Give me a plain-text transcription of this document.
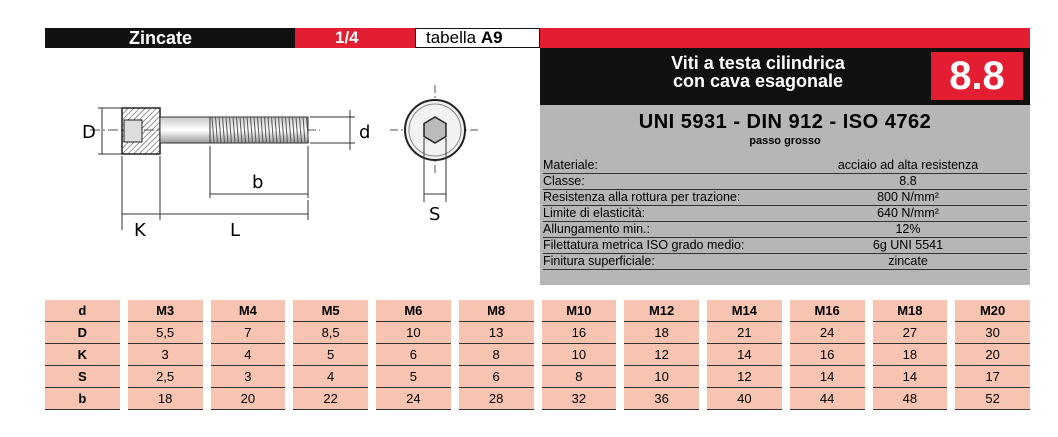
Zincate	1/4	tabella A9
Viti a testa cilindrica
con cava esagonale	8.8
UNI 5931 - DIN 912 - ISO 4762
passo grosso
Materiale:	acciaio ad alta resistenza
Classe:	8.8
Resistenza alla rottura per trazione:	800 N/mm²
Limite di elasticità:	640 N/mm²
Allungamento min.:	12%
Filettatura metrica ISO grado medio:	6g UNI 5541
Finitura superficiale:	zincate
D	d
b
K	L
S
d		M3		M4		M5		M6		M8		M10		M12		M14		M16		M18		M20
D		5,5		7		8,5		10		13		16		18		21		24		27		30
K		3		4		5		6		8		10		12		14		16		18		20
S		2,5		3		4		5		6		8		10		12		14		14		17
b		18		20		22		24		28		32		36		40		44		48		52
